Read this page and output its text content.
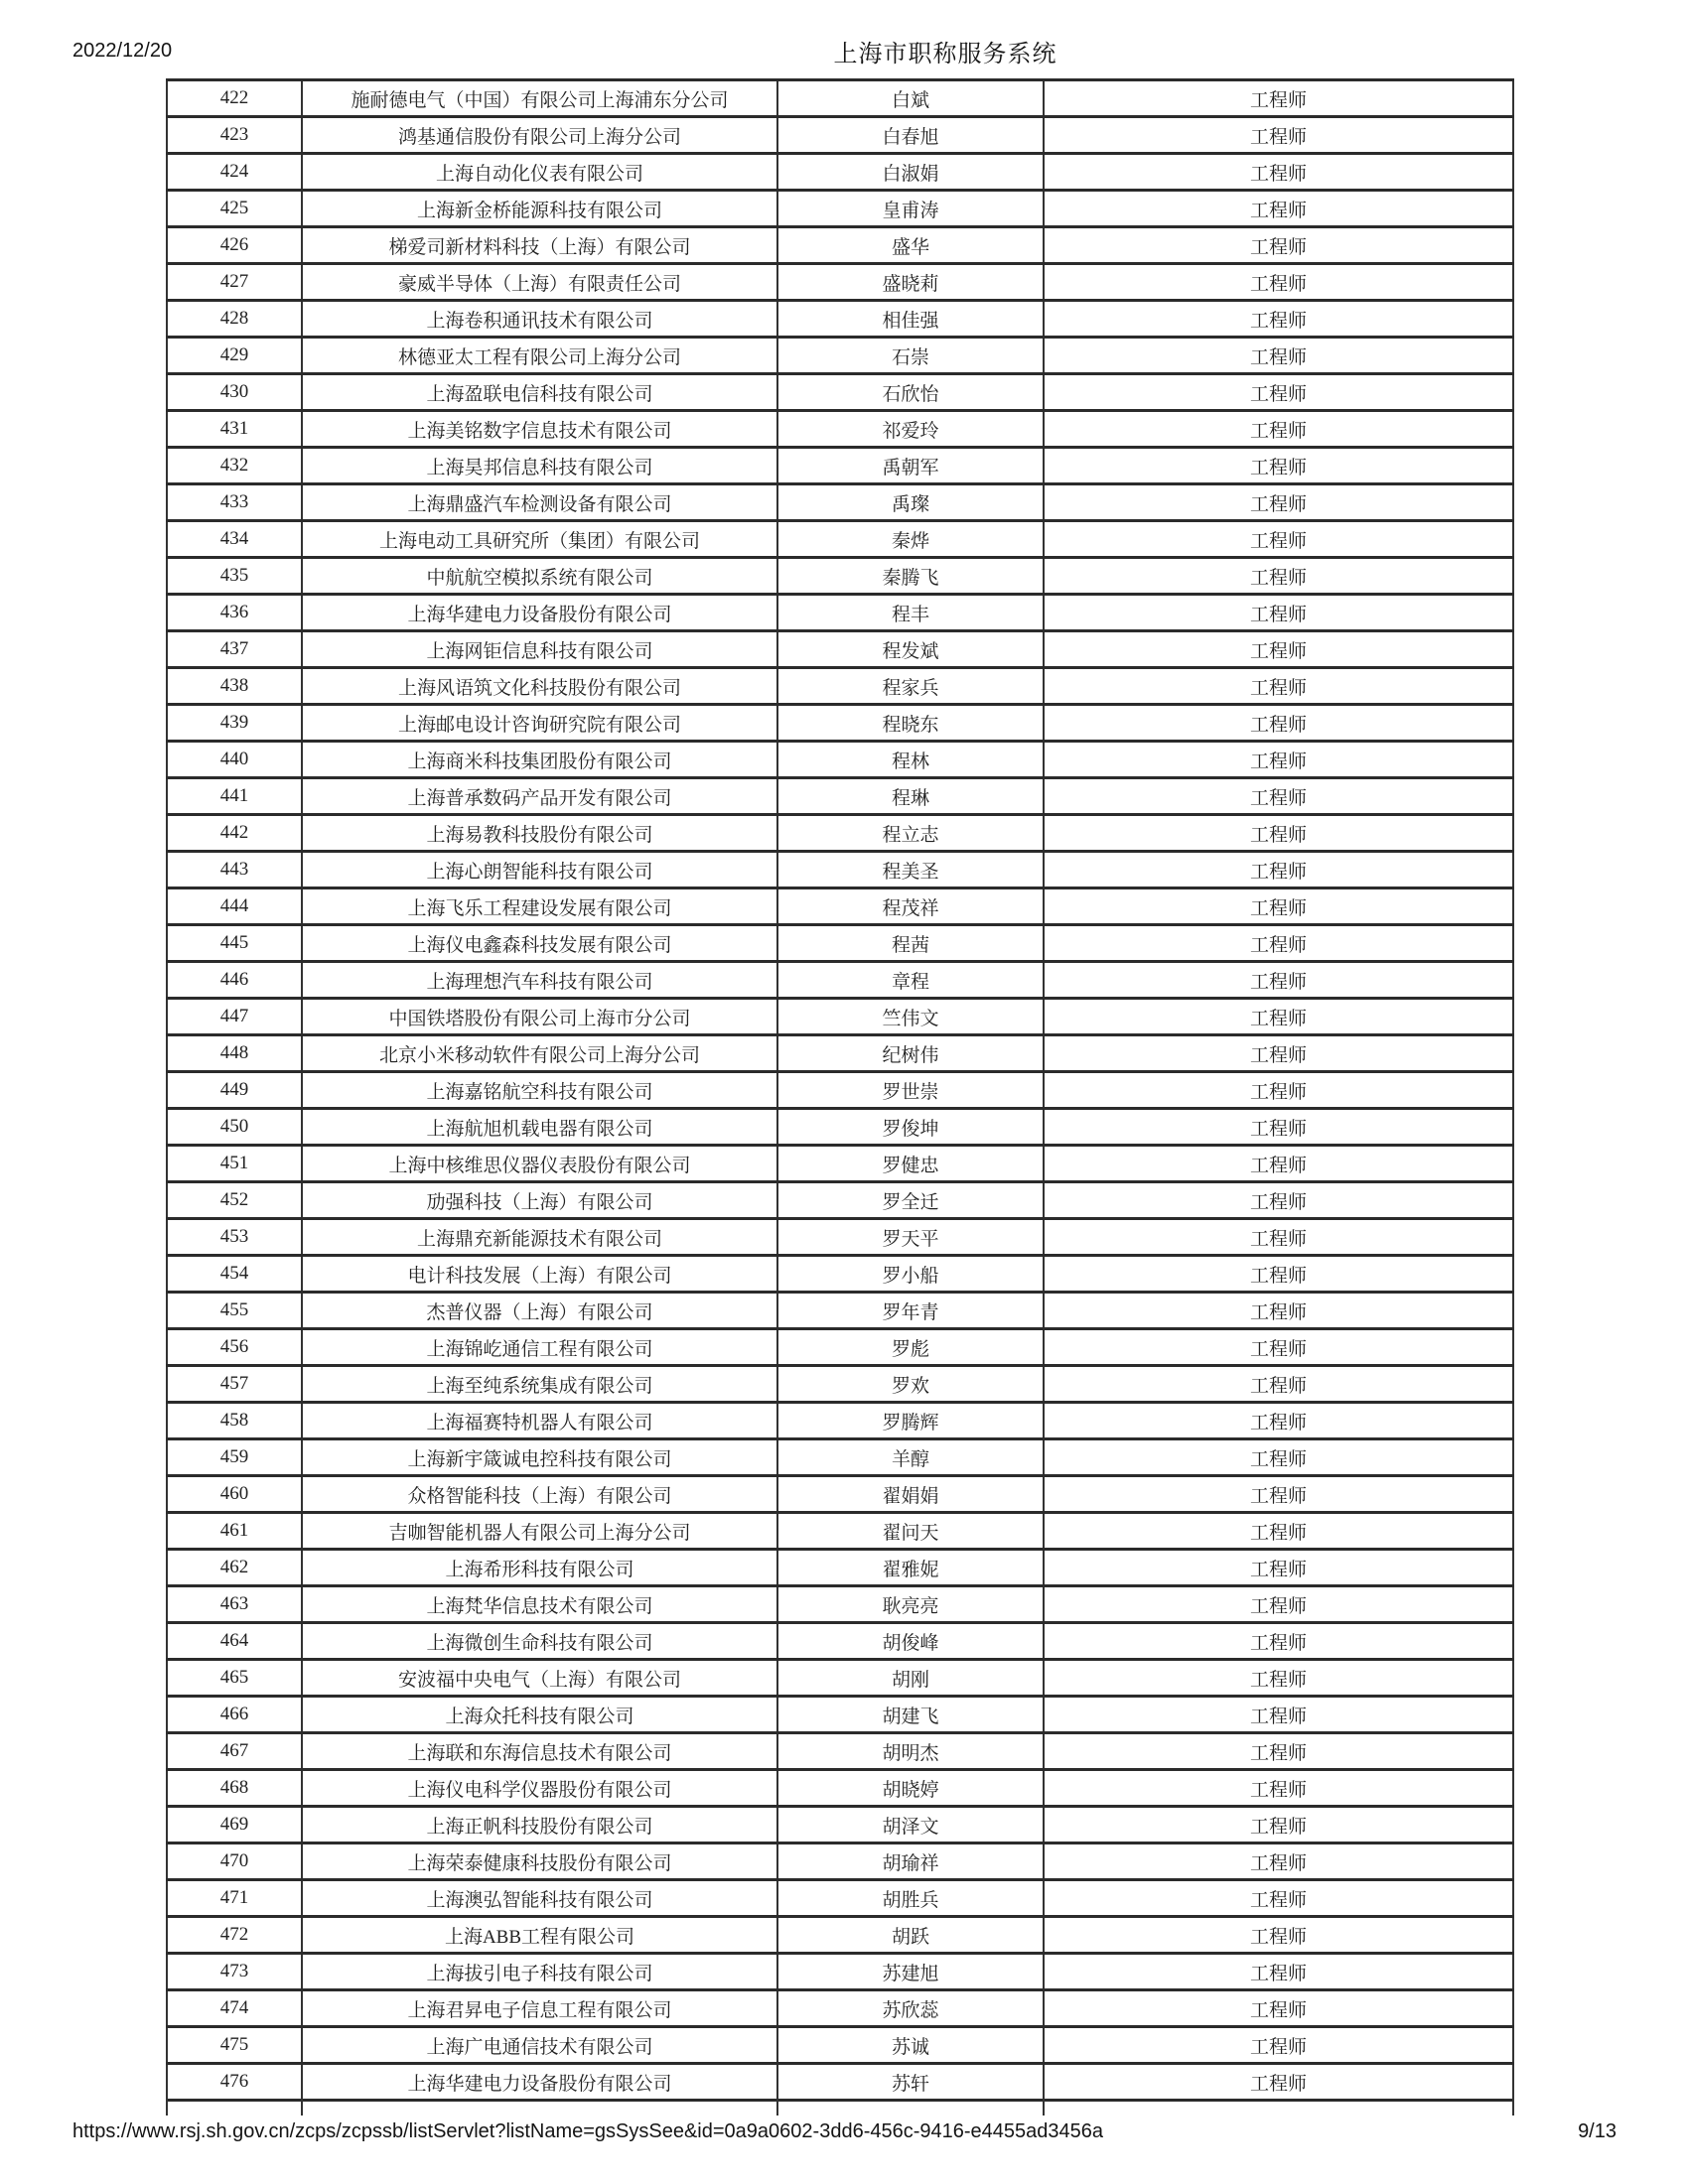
2022/12/20	上海市职称服务系统
422	施耐德电气（中国）有限公司上海浦东分公司	白斌	工程师
423	鸿基通信股份有限公司上海分公司	白春旭	工程师
424	上海自动化仪表有限公司	白淑娟	工程师
425	上海新金桥能源科技有限公司	皇甫涛	工程师
426	梯爱司新材料科技（上海）有限公司	盛华	工程师
427	豪威半导体（上海）有限责任公司	盛晓莉	工程师
428	上海卷积通讯技术有限公司	相佳强	工程师
429	林德亚太工程有限公司上海分公司	石崇	工程师
430	上海盈联电信科技有限公司	石欣怡	工程师
431	上海美铭数字信息技术有限公司	祁爱玲	工程师
432	上海昊邦信息科技有限公司	禹朝军	工程师
433	上海鼎盛汽车检测设备有限公司	禹璨	工程师
434	上海电动工具研究所（集团）有限公司	秦烨	工程师
435	中航航空模拟系统有限公司	秦腾飞	工程师
436	上海华建电力设备股份有限公司	程丰	工程师
437	上海网钜信息科技有限公司	程发斌	工程师
438	上海风语筑文化科技股份有限公司	程家兵	工程师
439	上海邮电设计咨询研究院有限公司	程晓东	工程师
440	上海商米科技集团股份有限公司	程林	工程师
441	上海普承数码产品开发有限公司	程琳	工程师
442	上海易教科技股份有限公司	程立志	工程师
443	上海心朗智能科技有限公司	程美圣	工程师
444	上海飞乐工程建设发展有限公司	程茂祥	工程师
445	上海仪电鑫森科技发展有限公司	程茜	工程师
446	上海理想汽车科技有限公司	章程	工程师
447	中国铁塔股份有限公司上海市分公司	竺伟文	工程师
448	北京小米移动软件有限公司上海分公司	纪树伟	工程师
449	上海嘉铭航空科技有限公司	罗世崇	工程师
450	上海航旭机载电器有限公司	罗俊坤	工程师
451	上海中核维思仪器仪表股份有限公司	罗健忠	工程师
452	劢强科技（上海）有限公司	罗全迁	工程师
453	上海鼎充新能源技术有限公司	罗天平	工程师
454	电计科技发展（上海）有限公司	罗小船	工程师
455	杰普仪器（上海）有限公司	罗年青	工程师
456	上海锦屹通信工程有限公司	罗彪	工程师
457	上海至纯系统集成有限公司	罗欢	工程师
458	上海福赛特机器人有限公司	罗腾辉	工程师
459	上海新宇箴诚电控科技有限公司	羊醇	工程师
460	众格智能科技（上海）有限公司	翟娟娟	工程师
461	吉咖智能机器人有限公司上海分公司	翟问天	工程师
462	上海希形科技有限公司	翟雅妮	工程师
463	上海梵华信息技术有限公司	耿亮亮	工程师
464	上海微创生命科技有限公司	胡俊峰	工程师
465	安波福中央电气（上海）有限公司	胡刚	工程师
466	上海众托科技有限公司	胡建飞	工程师
467	上海联和东海信息技术有限公司	胡明杰	工程师
468	上海仪电科学仪器股份有限公司	胡晓婷	工程师
469	上海正帆科技股份有限公司	胡泽文	工程师
470	上海荣泰健康科技股份有限公司	胡瑜祥	工程师
471	上海澳弘智能科技有限公司	胡胜兵	工程师
472	上海ABB工程有限公司	胡跃	工程师
473	上海拔引电子科技有限公司	苏建旭	工程师
474	上海君昇电子信息工程有限公司	苏欣蕊	工程师
475	上海广电通信技术有限公司	苏诚	工程师
476	上海华建电力设备股份有限公司	苏轩	工程师
https://www.rsj.sh.gov.cn/zcps/zcpssb/listServlet?listName=gsSysSee&id=0a9a0602-3dd6-456c-9416-e4455ad3456a	9/13
